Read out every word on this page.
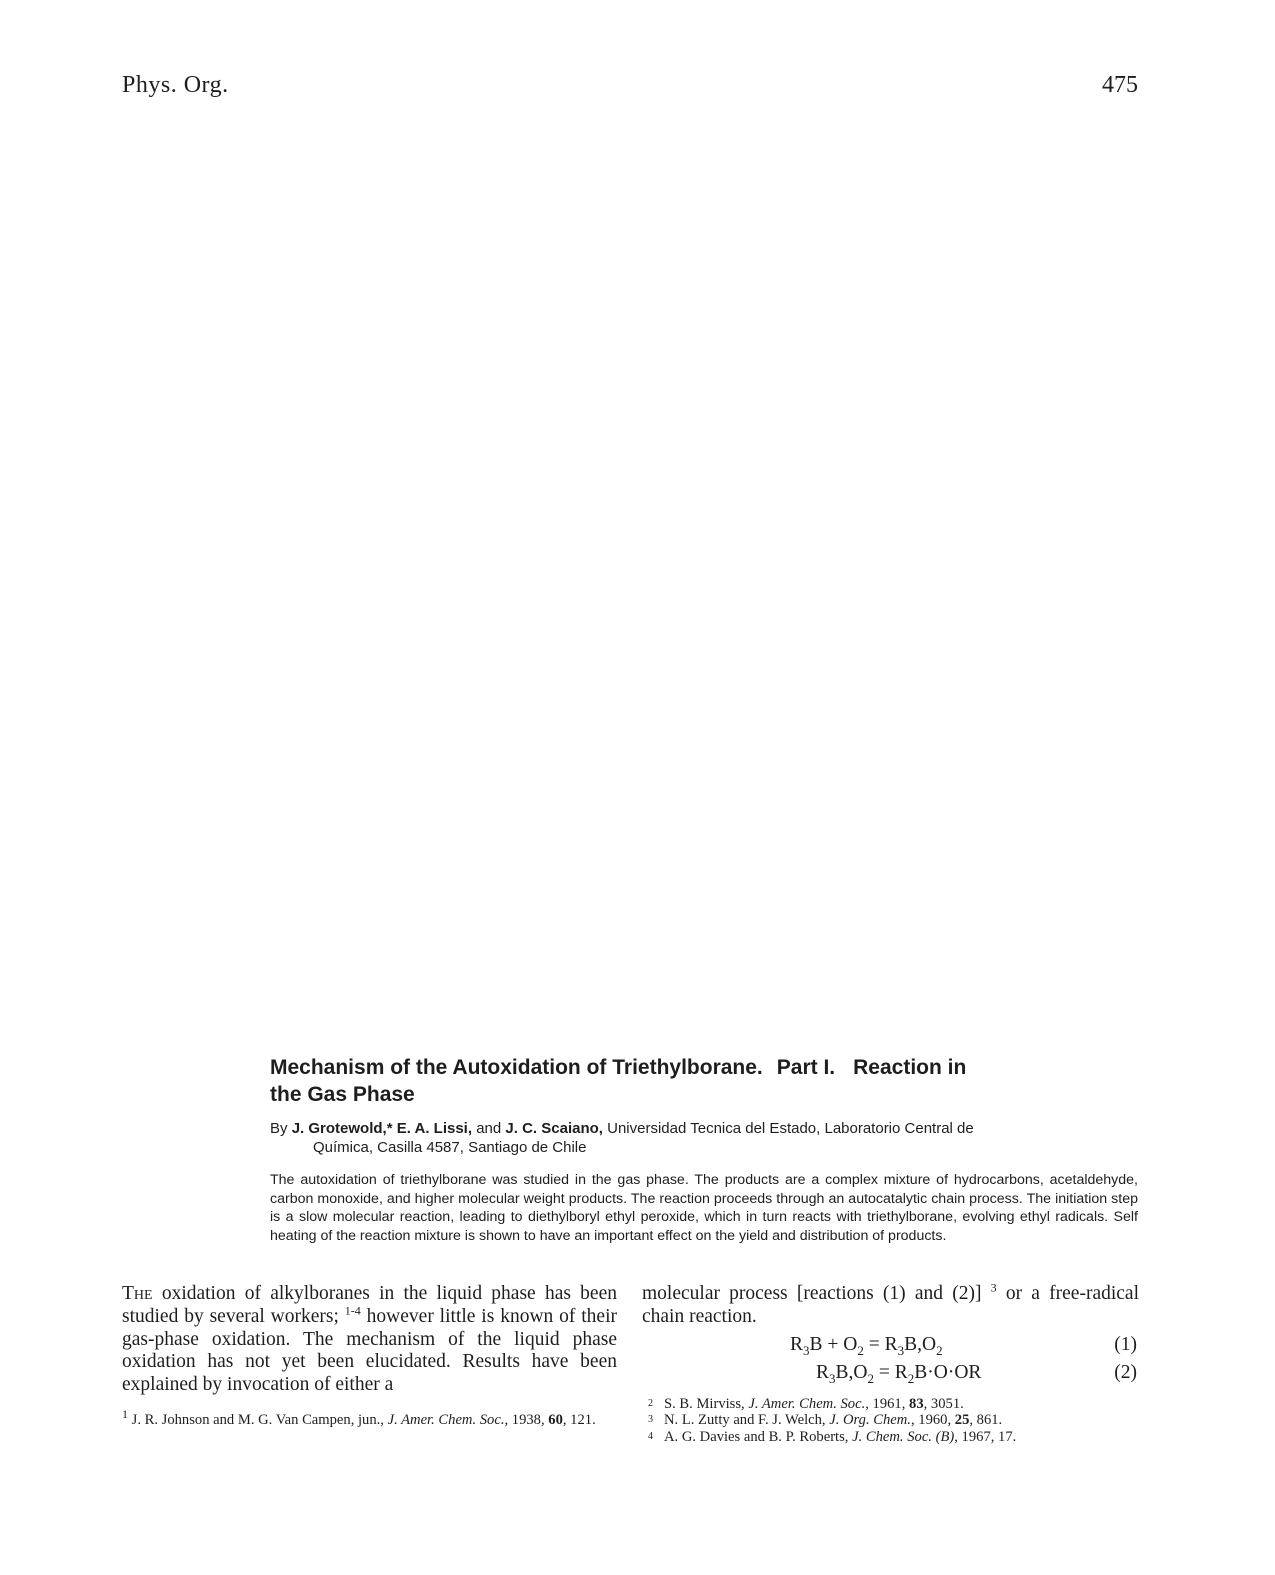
Phys. Org.	475
Mechanism of the Autoxidation of Triethylborane. Part I. Reaction in
the Gas Phase
By J. Grotewold,* E. A. Lissi, and J. C. Scaiano, Universidad Tecnica del Estado, Laboratorio Central de
Química, Casilla 4587, Santiago de Chile
The autoxidation of triethylborane was studied in the gas phase. The products are a complex mixture of hydrocarbons, acetaldehyde, carbon monoxide, and higher molecular weight products. The reaction proceeds through an autocatalytic chain process. The initiation step is a slow molecular reaction, leading to diethylboryl ethyl peroxide, which in turn reacts with triethylborane, evolving ethyl radicals. Self heating of the reaction mixture is shown to have an important effect on the yield and distribution of products.
The oxidation of alkylboranes in the liquid phase has been studied by several workers; $^{1-4}$ however little is known of their gas-phase oxidation. The mechanism of the liquid phase oxidation has not yet been elucidated. Results have been explained by invocation of either a
molecular process [reactions (1) and (2)] $^3$ or a free-radical chain reaction.
$R_3B + O_2 = R_3B,O_2$	(1)
$R_3B,O_2 = R_2B\cdot O\cdot OR$	(2)
$^1$ J. R. Johnson and M. G. Van Campen, jun., J. Amer. Chem. Soc., 1938, 60, 121.
2 S. B. Mirviss, J. Amer. Chem. Soc., 1961, 83, 3051.
3 N. L. Zutty and F. J. Welch, J. Org. Chem., 1960, 25, 861.
4 A. G. Davies and B. P. Roberts, J. Chem. Soc. (B), 1967, 17.
